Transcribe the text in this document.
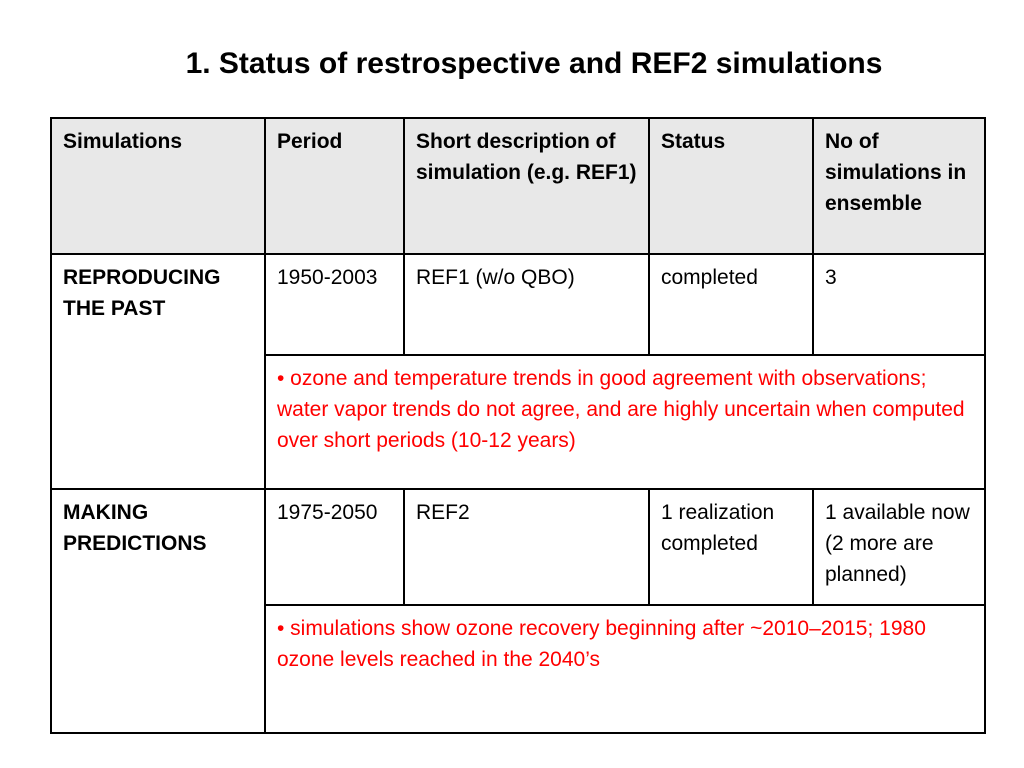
1. Status of restrospective and REF2 simulations
Simulations	Period	Short description of simulation (e.g. REF1)	Status	No of simulations in ensemble
REPRODUCING THE PAST	1950-2003	REF1 (w/o QBO)	completed	3
	• ozone and temperature trends in good agreement with observations; water vapor trends do not agree, and are highly uncertain when computed over short periods (10-12 years)			
MAKING PREDICTIONS	1975-2050	REF2	1 realization completed	1 available now (2 more are planned)
	• simulations show ozone recovery beginning after ~2010–2015; 1980 ozone levels reached in the 2040’s			
